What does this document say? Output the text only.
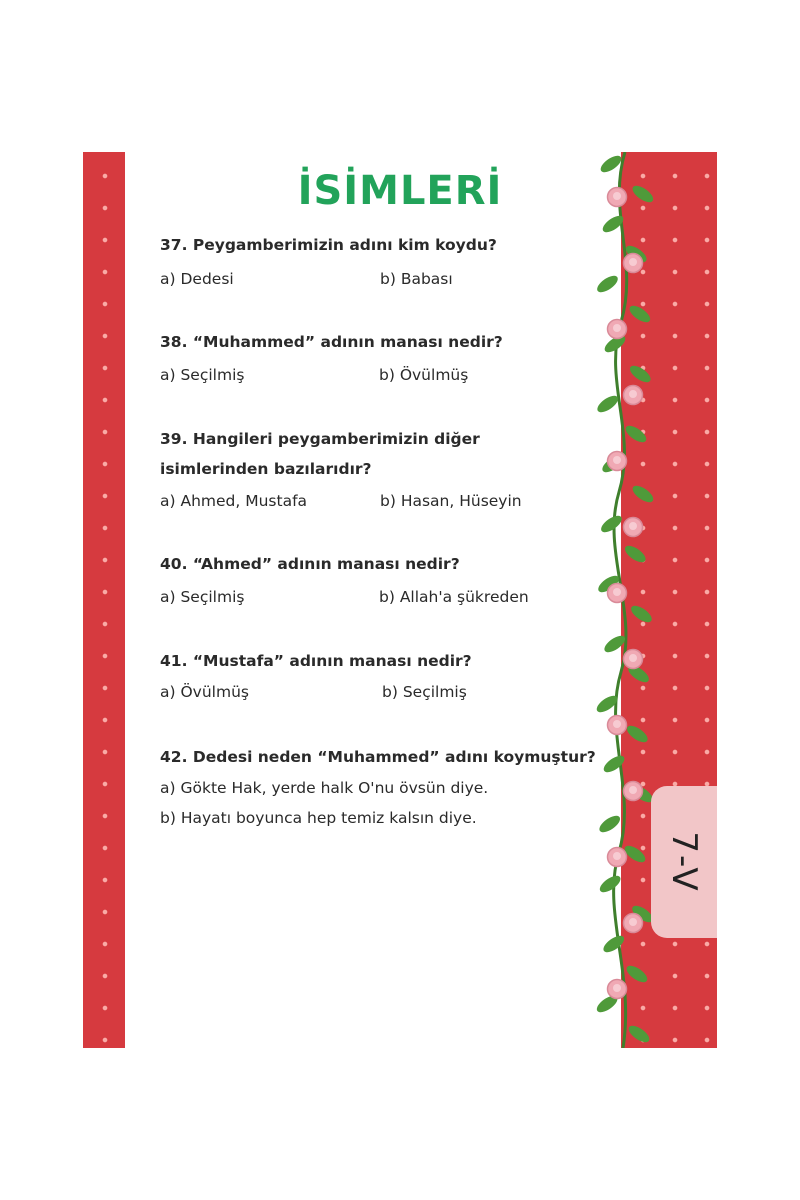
İSİMLERİ
37. Peygamberimizin adını kim koydu?
a) Dedesi	b) Babası
38. “Muhammed” adının manası nedir?
a) Seçilmiş	b) Övülmüş
39. Hangileri peygamberimizin diğer isimlerinden bazılarıdır?
a) Ahmed, Mustafa	b) Hasan, Hüseyin
40. “Ahmed” adının manası nedir?
a) Seçilmiş	b) Allah'a şükreden
41. “Mustafa” adının manası nedir?
a) Övülmüş	b) Seçilmiş
42. Dedesi neden “Muhammed” adını koymuştur?
a) Gökte Hak, yerde halk O'nu övsün diye.
b) Hayatı boyunca hep temiz kalsın diye.
7-V
